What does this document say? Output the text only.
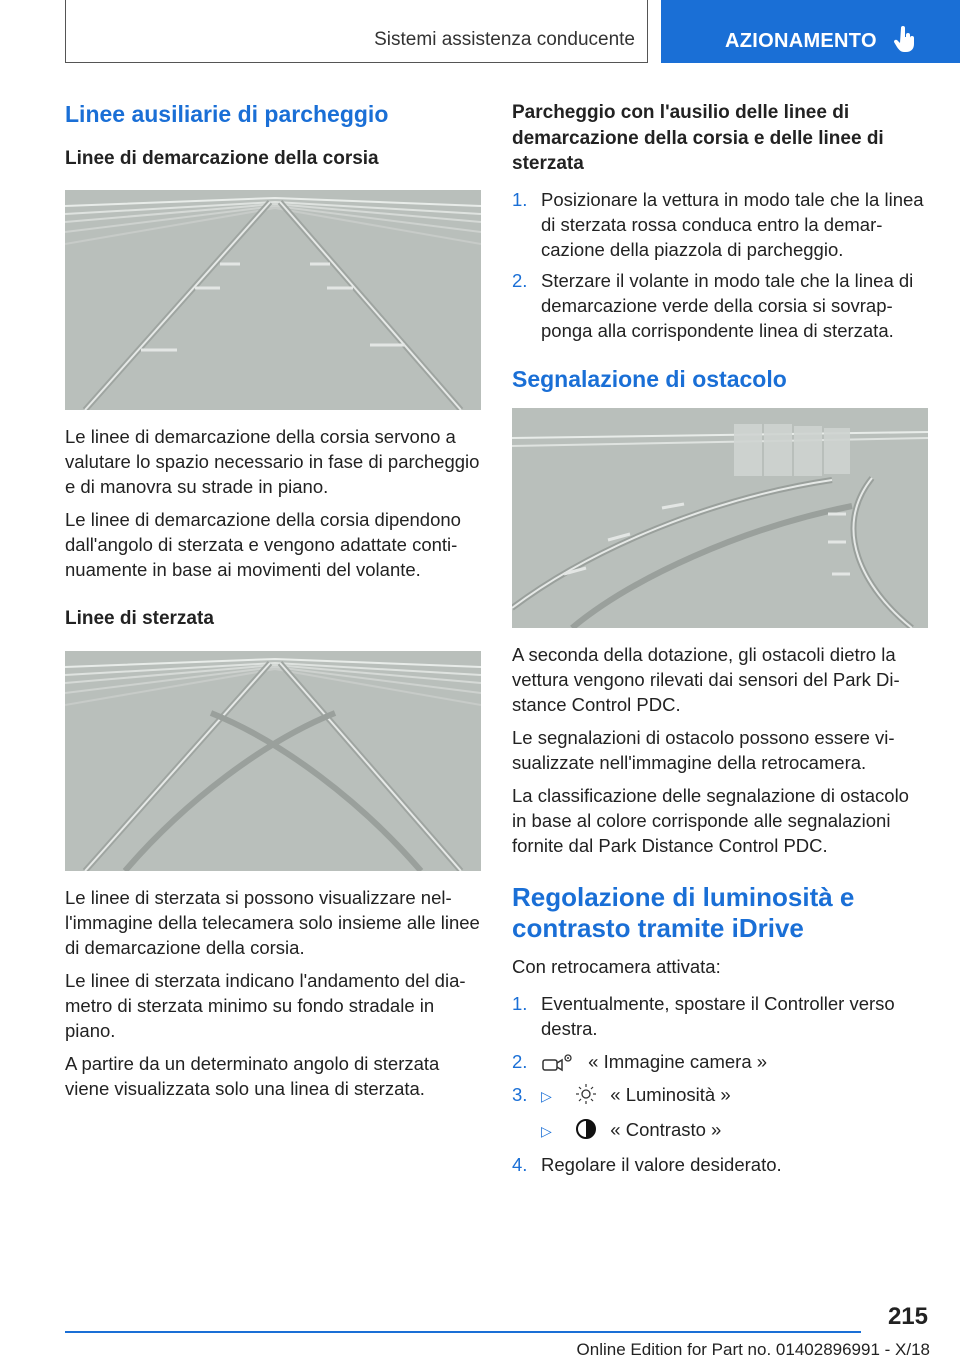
Sistemi assistenza conducente	AZIONAMENTO
Linee ausiliarie di parcheggio
Linee di demarcazione della corsia

Le linee di demarcazione della corsia servono a valutare lo spazio necessario in fase di parcheggio e di manovra su strade in piano.

Le linee di demarcazione della corsia dipendono dall'angolo di sterzata e vengono adattate continuamente in base ai movimenti del volante.

Linee di sterzata

Le linee di sterzata si possono visualizzare nell'immagine della telecamera solo insieme alle linee di demarcazione della corsia.

Le linee di sterzata indicano l'andamento del diametro di sterzata minimo su fondo stradale in piano.

A partire da un determinato angolo di sterzata viene visualizzata solo una linea di sterzata.

Parcheggio con l'ausilio delle linee di demarcazione della corsia e delle linee di sterzata
1. Posizionare la vettura in modo tale che la linea di sterzata rossa conduca entro la demarcazione della piazzola di parcheggio.
2. Sterzare il volante in modo tale che la linea di demarcazione verde della corsia si sovrapponga alla corrispondente linea di sterzata.
Segnalazione di ostacolo

A seconda della dotazione, gli ostacoli dietro la vettura vengono rilevati dai sensori del Park Distance Control PDC.

Le segnalazioni di ostacolo possono essere visualizzate nell'immagine della retrocamera.

La classificazione delle segnalazione di ostacolo in base al colore corrisponde alle segnalazioni fornite dal Park Distance Control PDC.

Regolazione di luminosità e contrasto tramite iDrive

Con retrocamera attivata:

1. Eventualmente, spostare il Controller verso destra.
2.	« Immagine camera »
3. ▷	« Luminosità »
▷	« Contrasto »
4. Regolare il valore desiderato.
215
Online Edition for Part no. 01402896991 - X/18
